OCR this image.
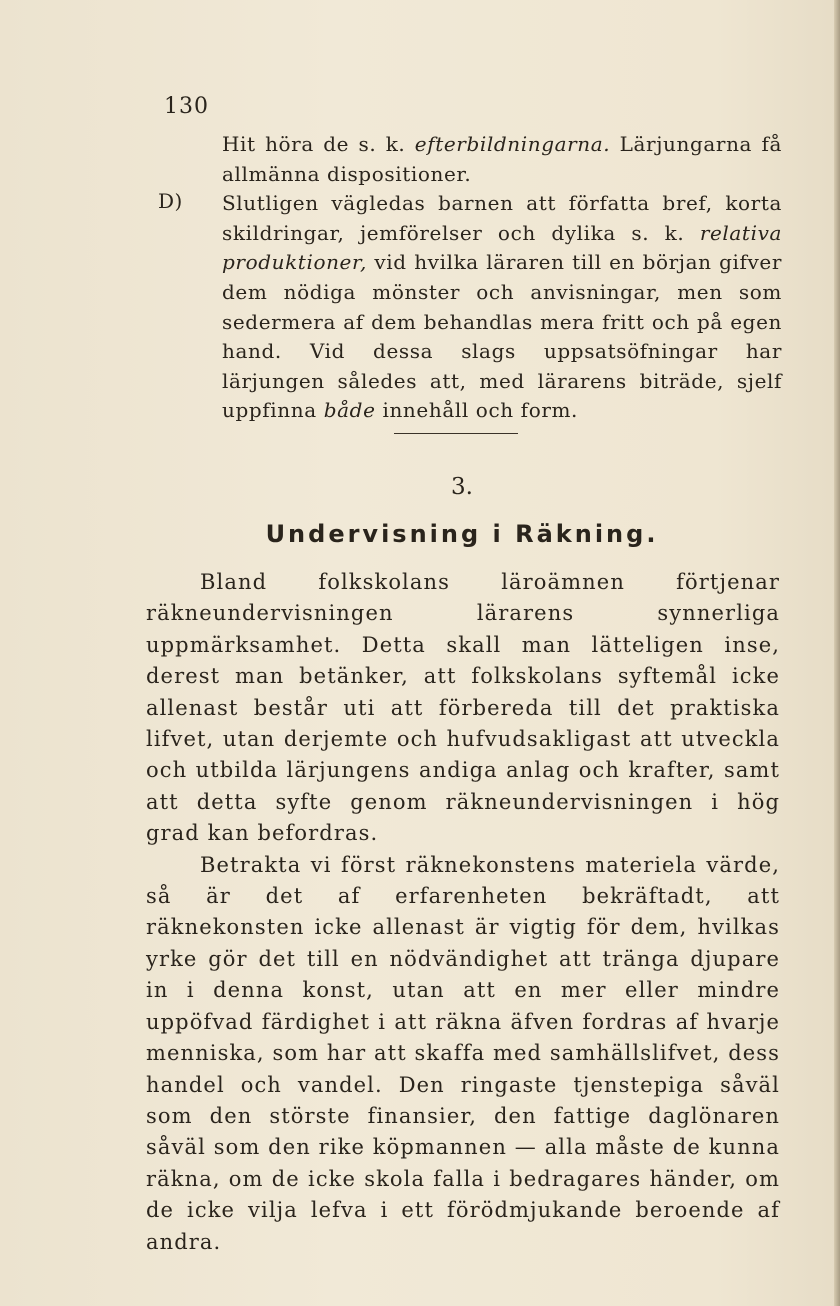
130
D)

Hit höra de s. k. efterbildningarna. Lärjungarna få allmänna dispositioner.

Slutligen vägledas barnen att författa bref, korta skildringar, jemförelser och dylika s. k. relativa produktioner, vid hvilka läraren till en början gifver dem nödiga mönster och anvisningar, men som sedermera af dem behandlas mera fritt och på egen hand. Vid dessa slags uppsatsöfningar har lärjungen således att, med lärarens biträde, sjelf uppfinna både innehåll och form.

3.
Undervisning i Räkning.

Bland folkskolans läroämnen förtjenar räkneundervisningen lärarens synnerliga uppmärksamhet. Detta skall man lätteligen inse, derest man betänker, att folkskolans syftemål icke allenast består uti att förbereda till det praktiska lifvet, utan derjemte och hufvudsakligast att utveckla och utbilda lärjungens andiga anlag och krafter, samt att detta syfte genom räkneundervisningen i hög grad kan befordras.

Betrakta vi först räknekonstens materiela värde, så är det af erfarenheten bekräftadt, att räknekonsten icke allenast är vigtig för dem, hvilkas yrke gör det till en nödvändighet att tränga djupare in i denna konst, utan att en mer eller mindre uppöfvad färdighet i att räkna äfven fordras af hvarje menniska, som har att skaffa med samhällslifvet, dess handel och vandel. Den ringaste tjenstepiga såväl som den störste finansier, den fattige daglönaren såväl som den rike köpmannen — alla måste de kunna räkna, om de icke skola falla i bedragares händer, om de icke vilja lefva i ett förödmjukande beroende af andra.
